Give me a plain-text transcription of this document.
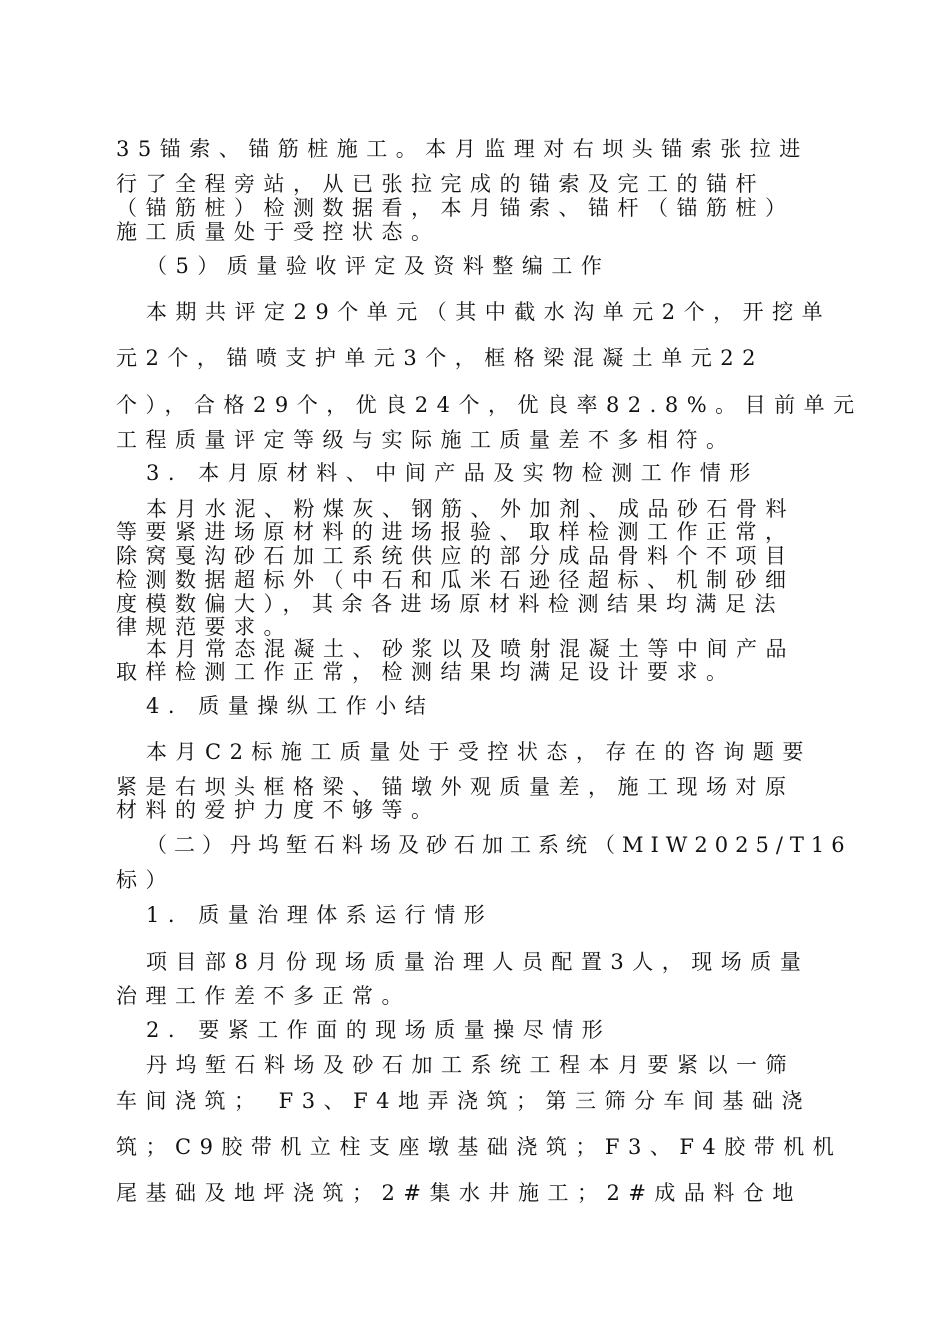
35锚索、锚筋桩施工。本月监理对右坝头锚索张拉进
行了全程旁站，从已张拉完成的锚索及完工的锚杆
（锚筋桩）检测数据看，本月锚索、锚杆（锚筋桩）
施工质量处于受控状态。
（5）质量验收评定及资料整编工作
本期共评定29个单元（其中截水沟单元2个，开挖单
元2个，锚喷支护单元3个，框格梁混凝土单元22
个），合格29个，优良24个，优良率82.8%。目前单元
工程质量评定等级与实际施工质量差不多相符。
3. 本月原材料、中间产品及实物检测工作情形
本月水泥、粉煤灰、钢筋、外加剂、成品砂石骨料
等要紧进场原材料的进场报验、取样检测工作正常，
除窝戛沟砂石加工系统供应的部分成品骨料个不项目
检测数据超标外（中石和瓜米石逊径超标、机制砂细
度模数偏大），其余各进场原材料检测结果均满足法
律规范要求。
本月常态混凝土、砂浆以及喷射混凝土等中间产品
取样检测工作正常，检测结果均满足设计要求。
4. 质量操纵工作小结
本月C2标施工质量处于受控状态，存在的咨询题要
紧是右坝头框格梁、锚墩外观质量差，施工现场对原
材料的爱护力度不够等。
（二）丹坞堑石料场及砂石加工系统（MIW2025/T16
标）
1. 质量治理体系运行情形
项目部8月份现场质量治理人员配置3人，现场质量
治理工作差不多正常。
2. 要紧工作面的现场质量操尽情形
丹坞堑石料场及砂石加工系统工程本月要紧以一筛
车间浇筑； F3、F4地弄浇筑；第三筛分车间基础浇
筑；C9胶带机立柱支座墩基础浇筑；F3、F4胶带机机
尾基础及地坪浇筑；2#集水井施工；2#成品料仓地
